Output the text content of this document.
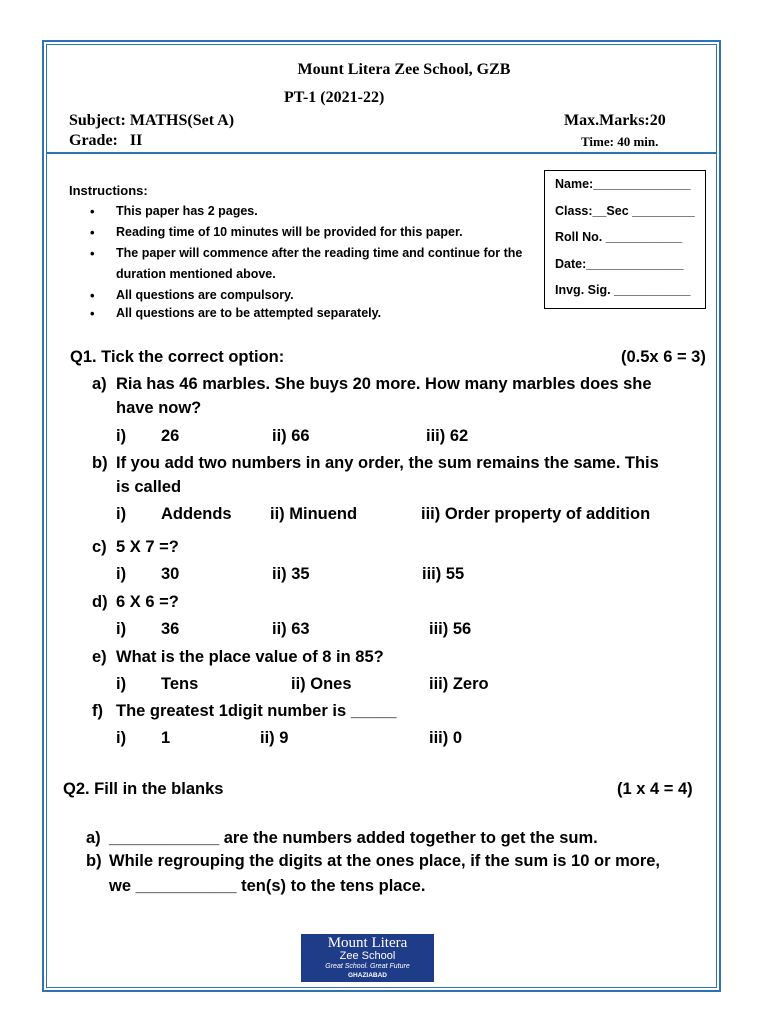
Mount Litera Zee School, GZB
PT-1 (2021-22)
Subject: MATHS(Set A)	Max.Marks:20
Grade:   II	Time: 40 min.
Instructions:
• This paper has 2 pages.
• Reading time of 10 minutes will be provided for this paper.
• The paper will commence after the reading time and continue for the duration mentioned above.
• All questions are compulsory.
• All questions are to be attempted separately.
Name:______________
Class:__Sec _________
Roll No. ___________
Date:______________
Invg. Sig. ___________
Q1. Tick the correct option:	(0.5x 6 = 3)
a) Ria has 46 marbles. She buys 20 more. How many marbles does she
have now?
i) 26	ii) 66	iii) 62
b) If you add two numbers in any order, the sum remains the same. This
is called
i) Addends ii) Minuend	iii) Order property of addition
c) 5 X 7 =?
i) 30	ii) 35	iii) 55
d) 6 X 6 =?
i) 36	ii) 63	iii) 56
e) What is the place value of 8 in 85?
i) Tens	ii) Ones	iii) Zero
f) The greatest 1digit number is _____
i) 1	ii) 9	iii) 0
Q2. Fill in the blanks	(1 x 4 = 4)
a) ____________ are the numbers added together to get the sum.
b) While regrouping the digits at the ones place, if the sum is 10 or more,
we ___________ ten(s) to the tens place.
Mount Litera
Zee School
Great School. Great Future
GHAZIABAD
